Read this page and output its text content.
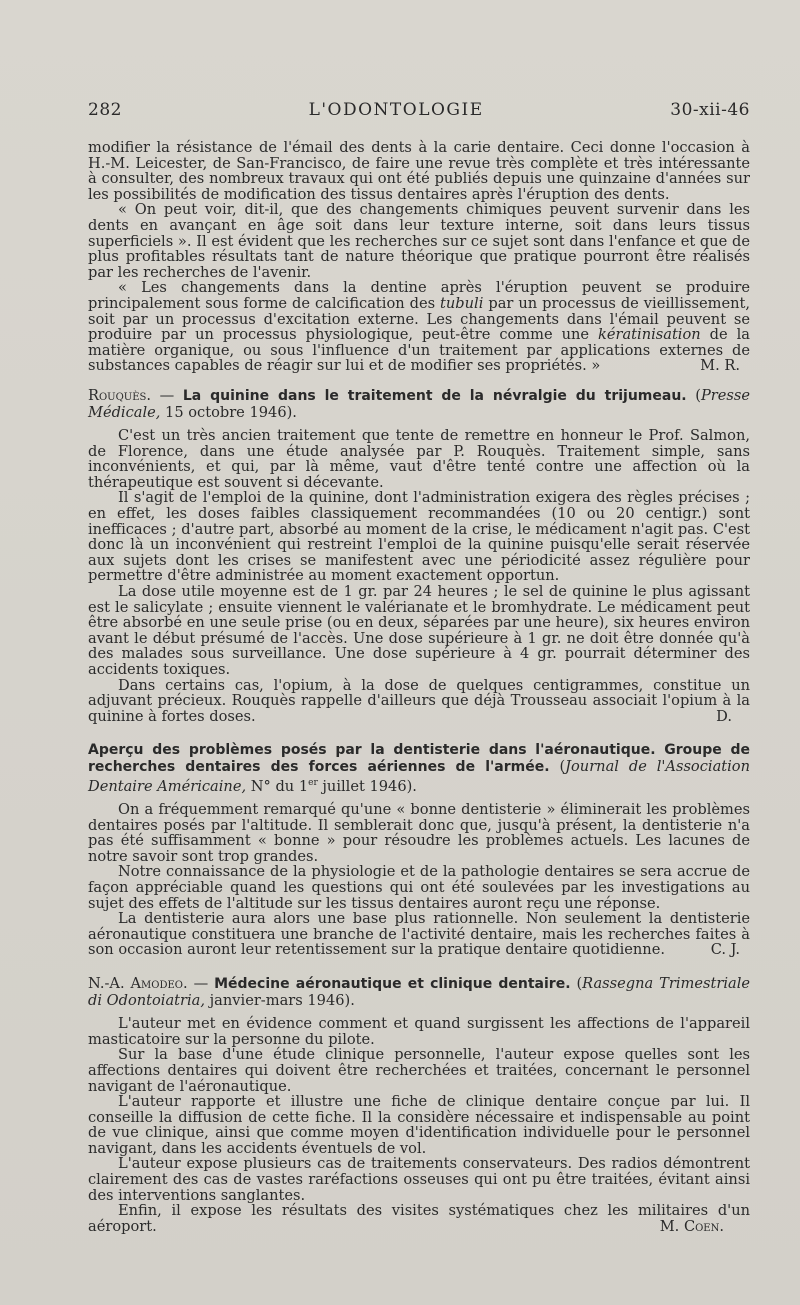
282	L'ODONTOLOGIE	30-xii-46

modifier la résistance de l'émail des dents à la carie dentaire. Ceci donne l'occasion à H.-M. Leicester, de San-Francisco, de faire une revue très complète et très intéressante à consulter, des nombreux travaux qui ont été publiés depuis une quinzaine d'années sur les possibilités de modification des tissus dentaires après l'éruption des dents.

« On peut voir, dit-il, que des changements chimiques peuvent survenir dans les dents en avançant en âge soit dans leur texture interne, soit dans leurs tissus superficiels ». Il est évident que les recherches sur ce sujet sont dans l'enfance et que de plus profitables résultats tant de nature théorique que pratique pourront être réalisés par les recherches de l'avenir.

« Les changements dans la dentine après l'éruption peuvent se produire principalement sous forme de calcification des tubuli par un processus de vieillissement, soit par un processus d'excitation externe. Les changements dans l'émail peuvent se produire par un processus physiologique, peut-être comme une kératinisation de la matière organique, ou sous l'influence d'un traitement par applications externes de substances capables de réagir sur lui et de modifier ses propriétés. »	M. R.

Rouquès. — La quinine dans le traitement de la névralgie du trijumeau. (Presse Médicale, 15 octobre 1946).

C'est un très ancien traitement que tente de remettre en honneur le Prof. Salmon, de Florence, dans une étude analysée par P. Rouquès. Traitement simple, sans inconvénients, et qui, par là même, vaut d'être tenté contre une affection où la thérapeutique est souvent si décevante.

Il s'agit de l'emploi de la quinine, dont l'administration exigera des règles précises ; en effet, les doses faibles classiquement recommandées (10 ou 20 centigr.) sont inefficaces ; d'autre part, absorbé au moment de la crise, le médicament n'agit pas. C'est donc là un inconvénient qui restreint l'emploi de la quinine puisqu'elle serait réservée aux sujets dont les crises se manifestent avec une périodicité assez régulière pour permettre d'être administrée au moment exactement opportun.

La dose utile moyenne est de 1 gr. par 24 heures ; le sel de quinine le plus agissant est le salicylate ; ensuite viennent le valérianate et le bromhydrate. Le médicament peut être absorbé en une seule prise (ou en deux, séparées par une heure), six heures environ avant le début présumé de l'accès. Une dose supérieure à 1 gr. ne doit être donnée qu'à des malades sous surveillance. Une dose supérieure à 4 gr. pourrait déterminer des accidents toxiques.

Dans certains cas, l'opium, à la dose de quelques centigrammes, constitue un adjuvant précieux. Rouquès rappelle d'ailleurs que déjà Trousseau associait l'opium à la quinine à fortes doses.	D.

Aperçu des problèmes posés par la dentisterie dans l'aéronautique. Groupe de recherches dentaires des forces aériennes de l'armée. (Journal de l'Association Dentaire Américaine, N° du 1er juillet 1946).

On a fréquemment remarqué qu'une « bonne dentisterie » éliminerait les problèmes dentaires posés par l'altitude. Il semblerait donc que, jusqu'à présent, la dentisterie n'a pas été suffisamment « bonne » pour résoudre les problèmes actuels. Les lacunes de notre savoir sont trop grandes.

Notre connaissance de la physiologie et de la pathologie dentaires se sera accrue de façon appréciable quand les questions qui ont été soulevées par les investigations au sujet des effets de l'altitude sur les tissus dentaires auront reçu une réponse.

La dentisterie aura alors une base plus rationnelle. Non seulement la dentisterie aéronautique constituera une branche de l'activité dentaire, mais les recherches faites à son occasion auront leur retentissement sur la pratique dentaire quotidienne.	C. J.

N.-A. Amodeo. — Médecine aéronautique et clinique dentaire. (Rassegna Trimestriale di Odontoiatria, janvier-mars 1946).

L'auteur met en évidence comment et quand surgissent les affections de l'appareil masticatoire sur la personne du pilote.

Sur la base d'une étude clinique personnelle, l'auteur expose quelles sont les affections dentaires qui doivent être recherchées et traitées, concernant le personnel navigant de l'aéronautique.

L'auteur rapporte et illustre une fiche de clinique dentaire conçue par lui. Il conseille la diffusion de cette fiche. Il la considère nécessaire et indispensable au point de vue clinique, ainsi que comme moyen d'identification individuelle pour le personnel navigant, dans les accidents éventuels de vol.

L'auteur expose plusieurs cas de traitements conservateurs. Des radios démontrent clairement des cas de vastes raréfactions osseuses qui ont pu être traitées, évitant ainsi des interventions sanglantes.

Enfin, il expose les résultats des visites systématiques chez les militaires d'un aéroport.	M. Coen.
